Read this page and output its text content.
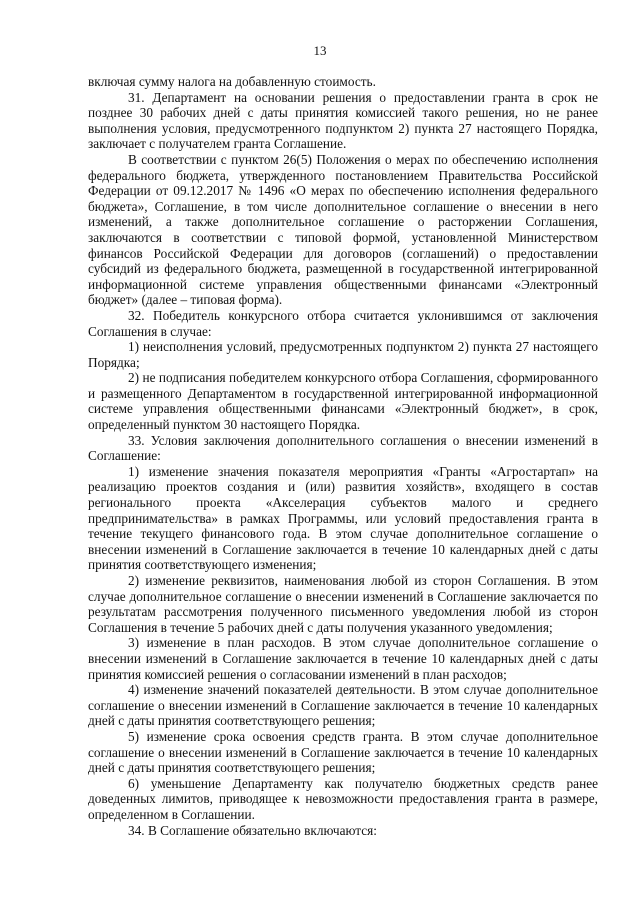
13

включая сумму налога на добавленную стоимость.

31. Департамент на основании решения о предоставлении гранта в срок не позднее 30 рабочих дней с даты принятия комиссией такого решения, но не ранее выполнения условия, предусмотренного подпунктом 2) пункта 27 настоящего Порядка, заключает с получателем гранта Соглашение.

В соответствии с пунктом 26(5) Положения о мерах по обеспечению исполнения федерального бюджета, утвержденного постановлением Правительства Российской Федерации от 09.12.2017 № 1496 «О мерах по обеспечению исполнения федерального бюджета», Соглашение, в том числе дополнительное соглашение о внесении в него изменений, а также дополнительное соглашение о расторжении Соглашения, заключаются в соответствии с типовой формой, установленной Министерством финансов Российской Федерации для договоров (соглашений) о предоставлении субсидий из федерального бюджета, размещенной в государственной интегрированной информационной системе управления общественными финансами «Электронный бюджет» (далее – типовая форма).

32. Победитель конкурсного отбора считается уклонившимся от заключения Соглашения в случае:

1) неисполнения условий, предусмотренных подпунктом 2) пункта 27 настоящего Порядка;

2) не подписания победителем конкурсного отбора Соглашения, сформированного и размещенного Департаментом в государственной интегрированной информационной системе управления общественными финансами «Электронный бюджет», в срок, определенный пунктом 30 настоящего Порядка.

33. Условия заключения дополнительного соглашения о внесении изменений в Соглашение:

1) изменение значения показателя мероприятия «Гранты «Агростартап» на реализацию проектов создания и (или) развития хозяйств», входящего в состав регионального проекта «Акселерация субъектов малого и среднего предпринимательства» в рамках Программы, или условий предоставления гранта в течение текущего финансового года. В этом случае дополнительное соглашение о внесении изменений в Соглашение заключается в течение 10 календарных дней с даты принятия соответствующего изменения;

2) изменение реквизитов, наименования любой из сторон Соглашения. В этом случае дополнительное соглашение о внесении изменений в Соглашение заключается по результатам рассмотрения полученного письменного уведомления любой из сторон Соглашения в течение 5 рабочих дней с даты получения указанного уведомления;

3) изменение в план расходов. В этом случае дополнительное соглашение о внесении изменений в Соглашение заключается в течение 10 календарных дней с даты принятия комиссией решения о согласовании изменений в план расходов;

4) изменение значений показателей деятельности. В этом случае дополнительное соглашение о внесении изменений в Соглашение заключается в течение 10 календарных дней с даты принятия соответствующего решения;

5) изменение срока освоения средств гранта. В этом случае дополнительное соглашение о внесении изменений в Соглашение заключается в течение 10 календарных дней с даты принятия соответствующего решения;

6) уменьшение Департаменту как получателю бюджетных средств ранее доведенных лимитов, приводящее к невозможности предоставления гранта в размере, определенном в Соглашении.

34. В Соглашение обязательно включаются:
